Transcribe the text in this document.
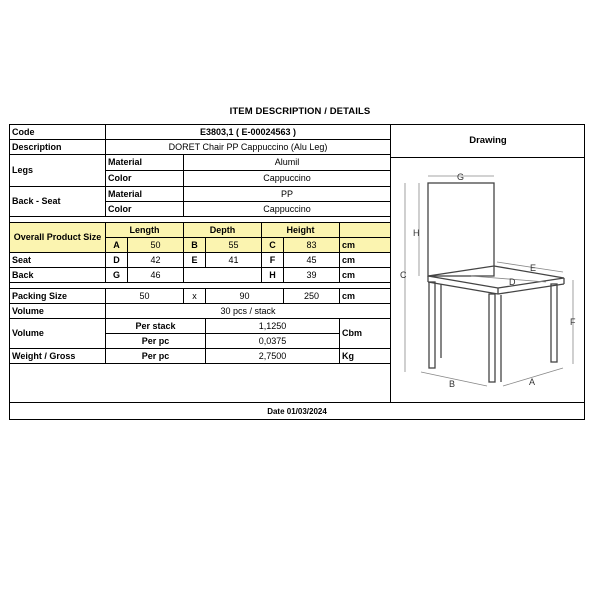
ITEM DESCRIPTION / DETAILS
Code	E3803,1 ( E-00024563 )						
Description	DORET Chair PP Cappuccino (Alu Leg)						
Legs	Material		Alumil				
	Color		Cappuccino				
Back - Seat	Material		PP				
	Color		Cappuccino				

Overall Product Size	Length		Depth		Height		
	A	50	B	55	C	83	cm
Seat	D	42	E	41	F	45	cm
Back	G	46			H	39	cm

Packing Size	50		x	90		250	cm
Volume	30 pcs / stack						
Volume	Per stack			1,1250			Cbm
	Per pc			0,0375			
Weight / Gross	Per pc			2,7500			Kg
Drawing
G
H
C
E
D
F
B	A
Date 01/03/2024
